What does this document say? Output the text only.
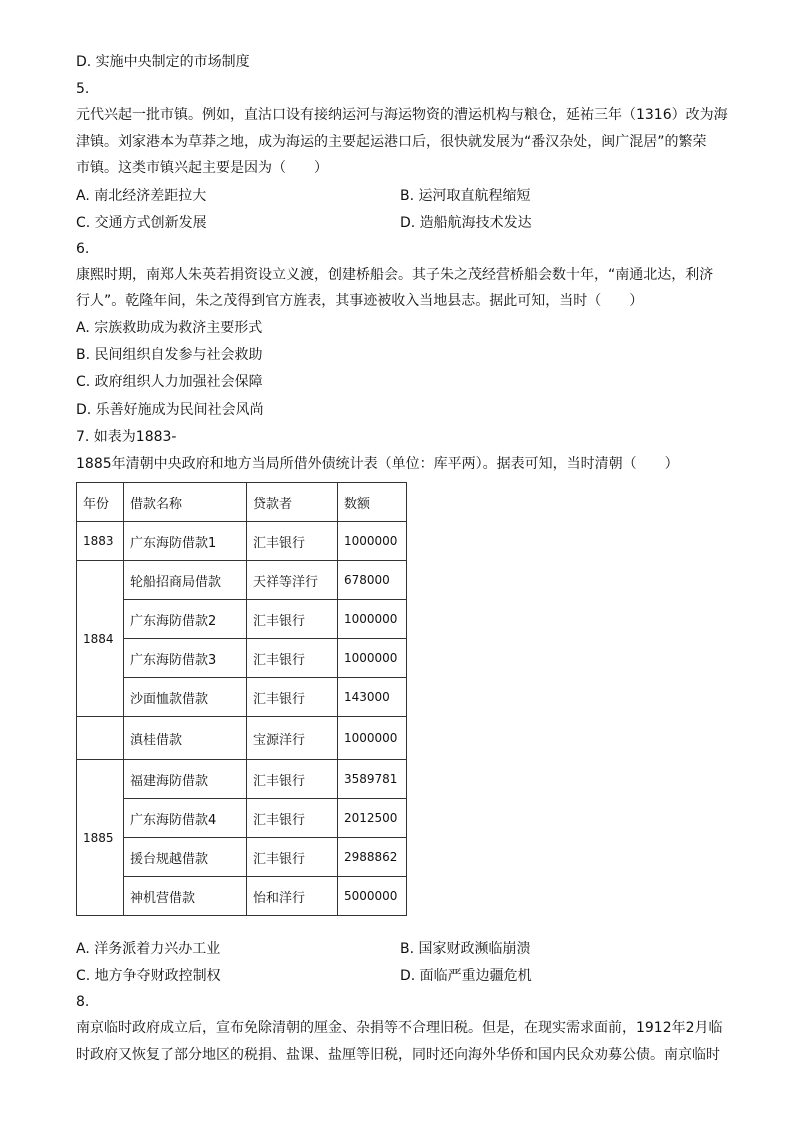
D. 实施中央制定的市场制度
5.
元代兴起一批市镇。例如，直沽口设有接纳运河与海运物资的漕运机构与粮仓，延祐三年（1316）改为海
津镇。刘家港本为草莽之地，成为海运的主要起运港口后，很快就发展为“番汉杂处，闽广混居”的繁荣
市镇。这类市镇兴起主要是因为（　　）
A. 南北经济差距拉大	B. 运河取直航程缩短
C. 交通方式创新发展	D. 造船航海技术发达
6.
康熙时期，南郑人朱英若捐资设立义渡，创建桥船会。其子朱之茂经营桥船会数十年，“南通北达，利济
行人”。乾隆年间，朱之茂得到官方旌表，其事迹被收入当地县志。据此可知，当时（　　）
A. 宗族救助成为救济主要形式
B. 民间组织自发参与社会救助
C. 政府组织人力加强社会保障
D. 乐善好施成为民间社会风尚
7. 如表为1883-
1885年清朝中央政府和地方当局所借外债统计表（单位：库平两）。据表可知，当时清朝（　　）
年份	借款名称	贷款者	数额
1883	广东海防借款1	汇丰银行	1000000
1884	轮船招商局借款	天祥等洋行	678000
	广东海防借款2	汇丰银行	1000000
	广东海防借款3	汇丰银行	1000000
	沙面恤款借款	汇丰银行	143000
	滇桂借款	宝源洋行	1000000
1885	福建海防借款	汇丰银行	3589781
	广东海防借款4	汇丰银行	2012500
	援台规越借款	汇丰银行	2988862
	神机营借款	怡和洋行	5000000
A. 洋务派着力兴办工业	B. 国家财政濒临崩溃
C. 地方争夺财政控制权	D. 面临严重边疆危机
8.
南京临时政府成立后，宣布免除清朝的厘金、杂捐等不合理旧税。但是，在现实需求面前，1912年2月临
时政府又恢复了部分地区的税捐、盐课、盐厘等旧税，同时还向海外华侨和国内民众劝募公债。南京临时
